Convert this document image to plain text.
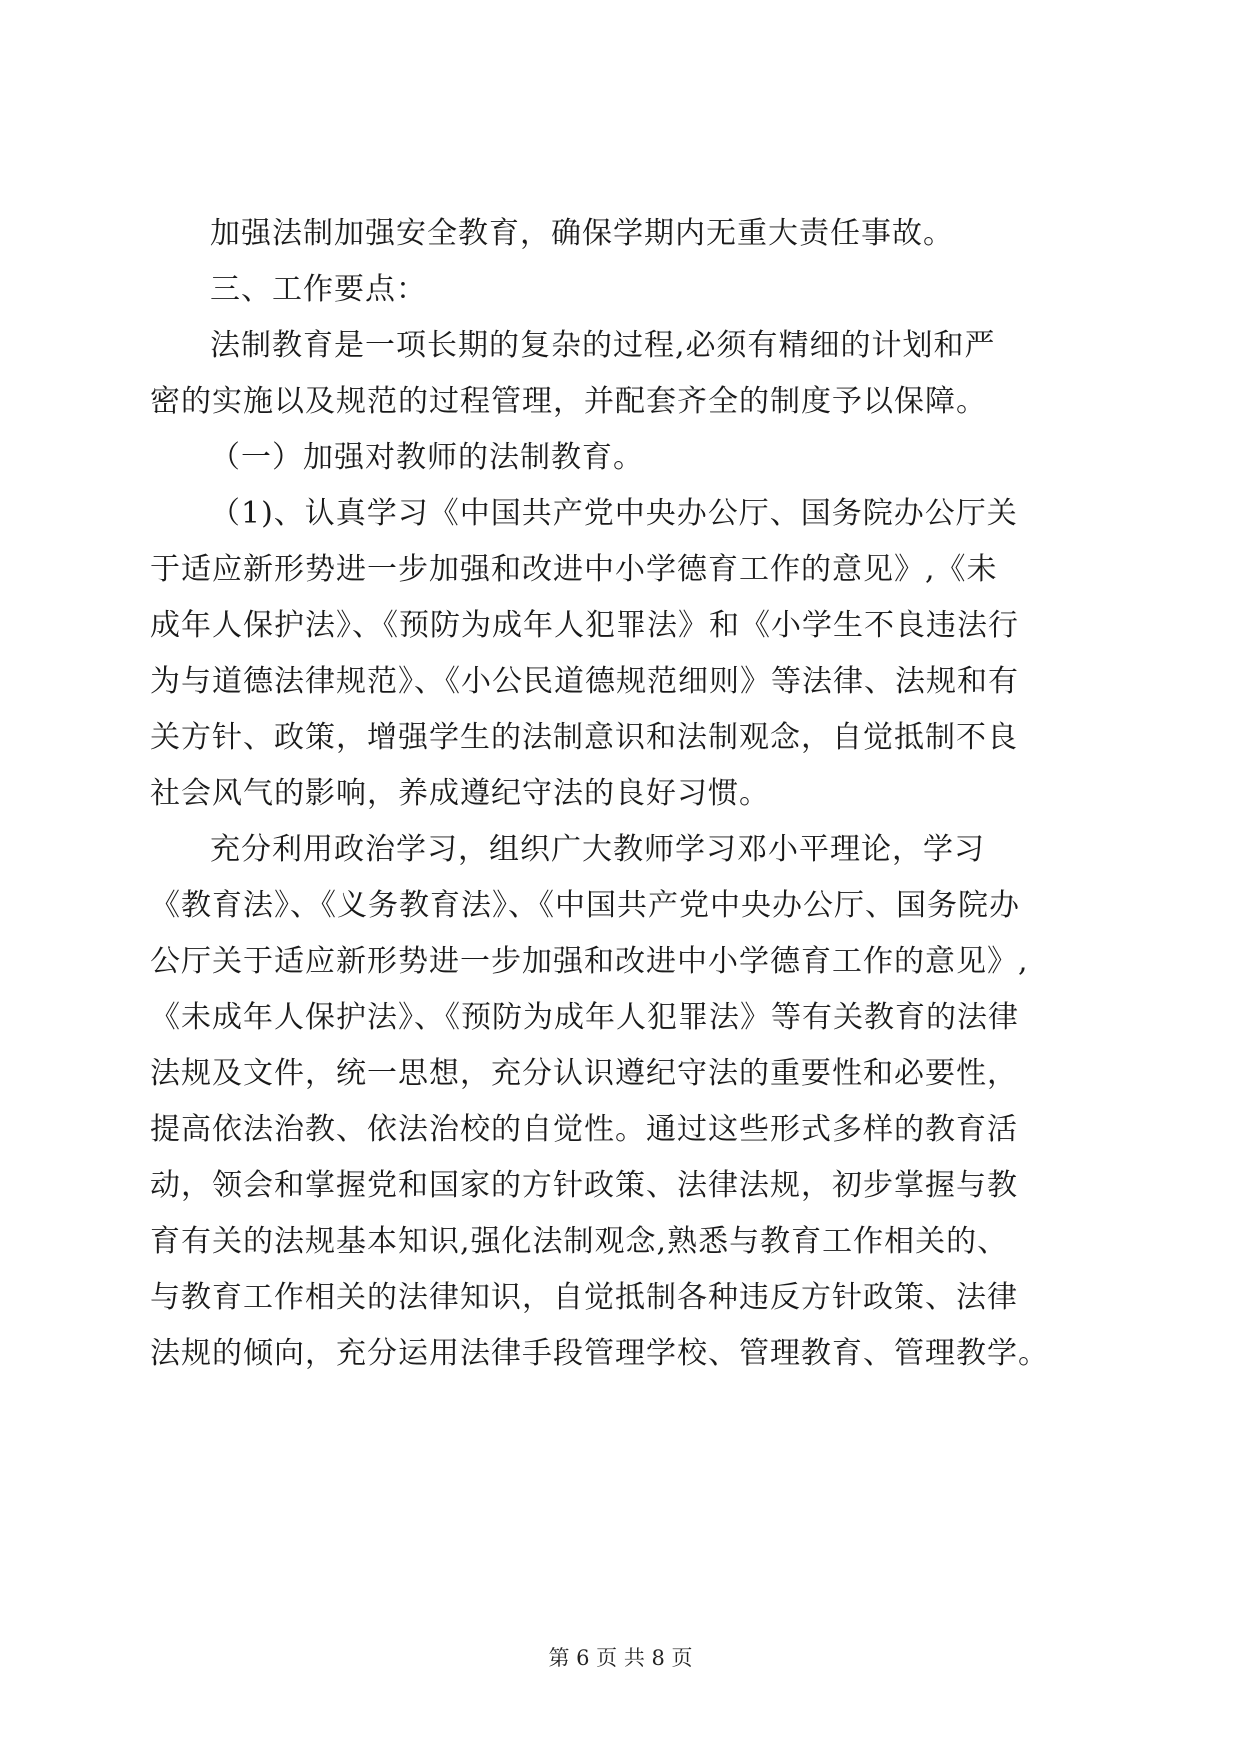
加强法制加强安全教育，确保学期内无重大责任事故。
三、工作要点：
法制教育是一项长期的复杂的过程,必须有精细的计划和严
密的实施以及规范的过程管理，并配套齐全的制度予以保障。
（一）加强对教师的法制教育。
（1)、认真学习《中国共产党中央办公厅、国务院办公厅关
于适应新形势进一步加强和改进中小学德育工作的意见》,《未
成年人保护法》、《预防为成年人犯罪法》和《小学生不良违法行
为与道德法律规范》、《小公民道德规范细则》等法律、法规和有
关方针、政策，增强学生的法制意识和法制观念，自觉抵制不良
社会风气的影响，养成遵纪守法的良好习惯。
充分利用政治学习，组织广大教师学习邓小平理论，学习
《教育法》、《义务教育法》、《中国共产党中央办公厅、国务院办
公厅关于适应新形势进一步加强和改进中小学德育工作的意见》,
《未成年人保护法》、《预防为成年人犯罪法》等有关教育的法律
法规及文件，统一思想，充分认识遵纪守法的重要性和必要性，
提高依法治教、依法治校的自觉性。通过这些形式多样的教育活
动，领会和掌握党和国家的方针政策、法律法规，初步掌握与教
育有关的法规基本知识,强化法制观念,熟悉与教育工作相关的、
与教育工作相关的法律知识，自觉抵制各种违反方针政策、法律
法规的倾向，充分运用法律手段管理学校、管理教育、管理教学。
第 6 页 共 8 页
